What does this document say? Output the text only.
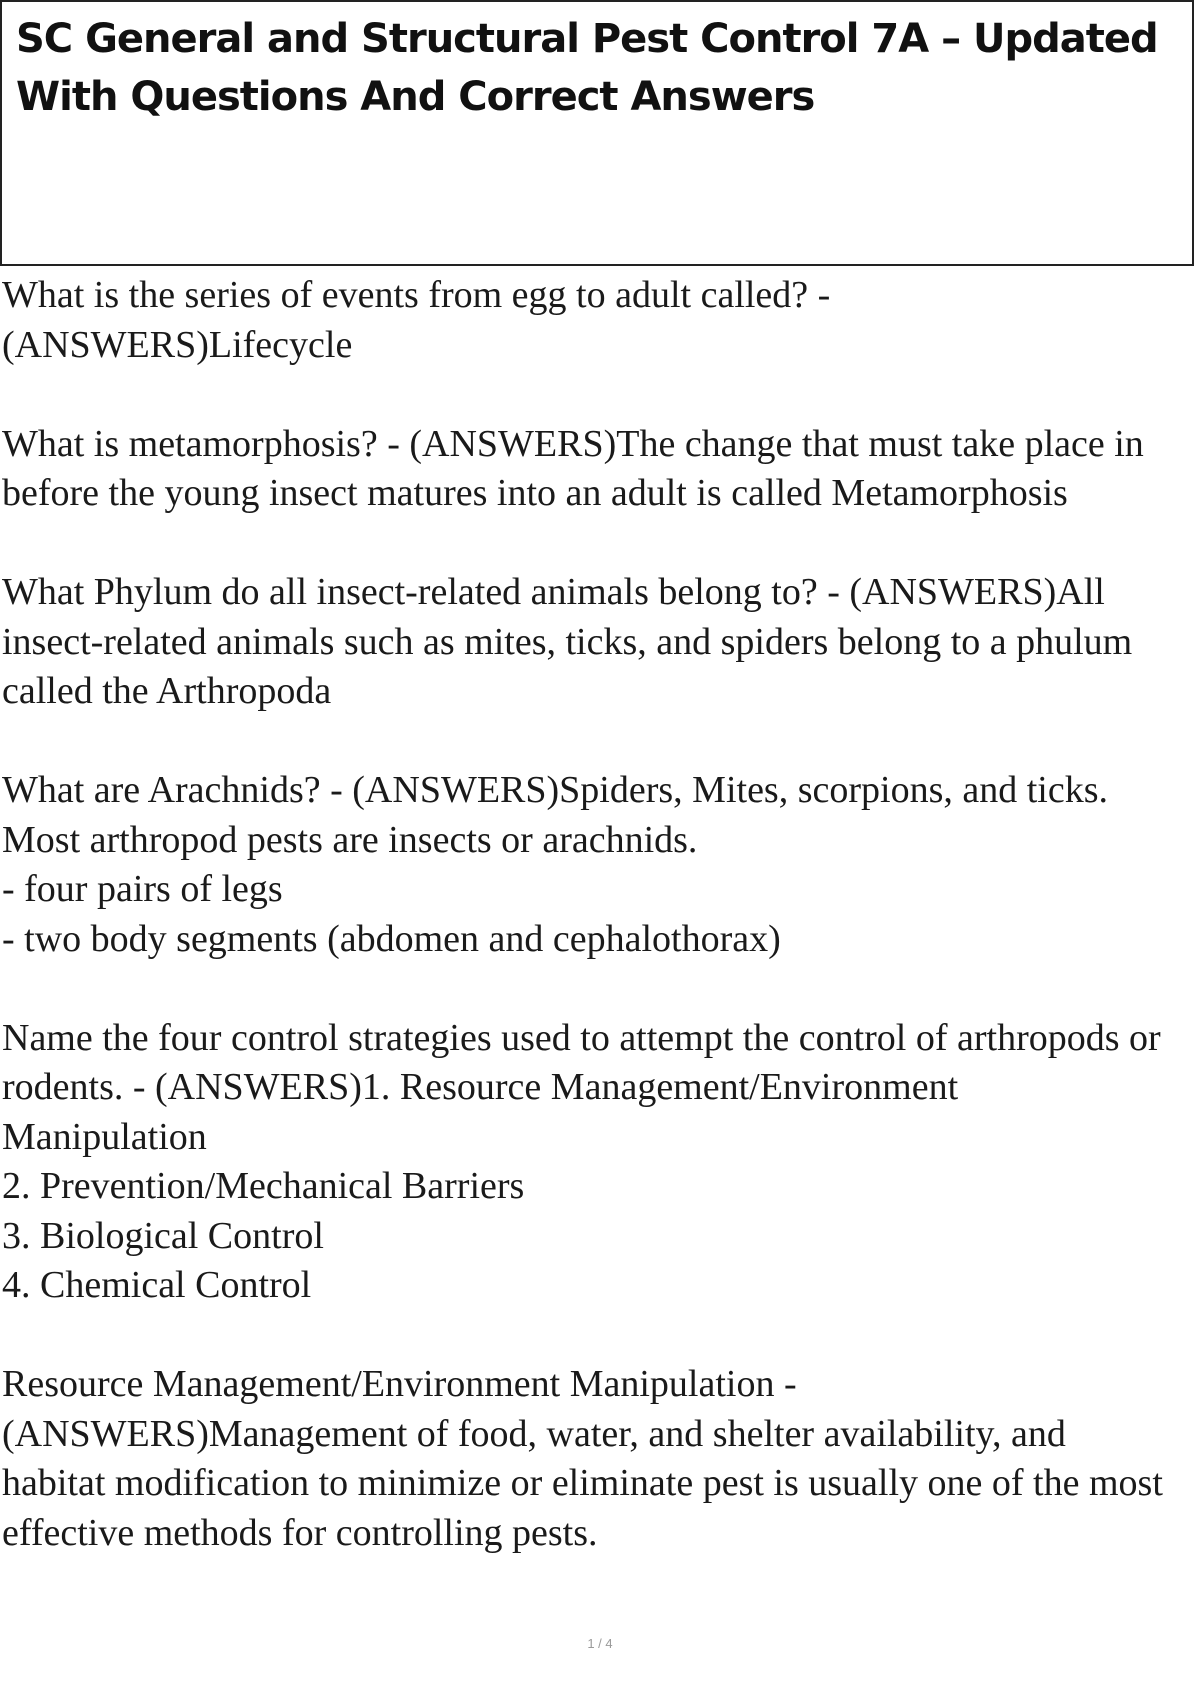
SC General and Structural Pest Control 7A – Updated
With Questions And Correct Answers

What is the series of events from egg to adult called? -
(ANSWERS)Lifecycle

What is metamorphosis? - (ANSWERS)The change that must take place in
before the young insect matures into an adult is called Metamorphosis

What Phylum do all insect-related animals belong to? - (ANSWERS)All
insect-related animals such as mites, ticks, and spiders belong to a phulum
called the Arthropoda

What are Arachnids? - (ANSWERS)Spiders, Mites, scorpions, and ticks.
Most arthropod pests are insects or arachnids.
- four pairs of legs
- two body segments (abdomen and cephalothorax)

Name the four control strategies used to attempt the control of arthropods or
rodents. - (ANSWERS)1. Resource Management/Environment
Manipulation
2. Prevention/Mechanical Barriers
3. Biological Control
4. Chemical Control

Resource Management/Environment Manipulation -
(ANSWERS)Management of food, water, and shelter availability, and
habitat modification to minimize or eliminate pest is usually one of the most
effective methods for controlling pests.

1 / 4
